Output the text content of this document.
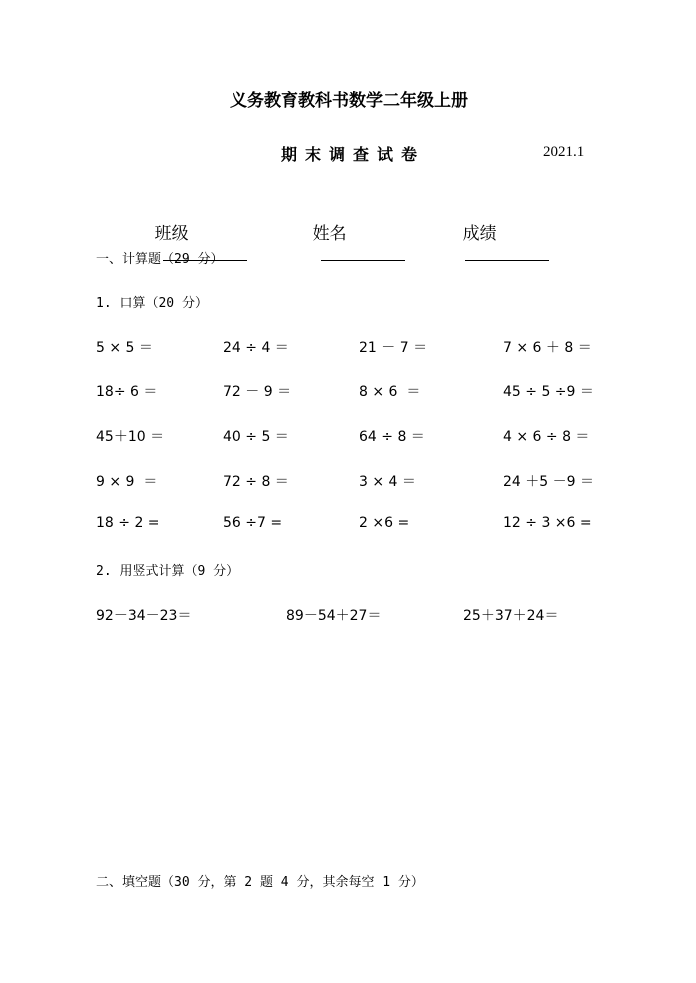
义务教育教科书数学二年级上册
期末调查试卷	2021.1

班级

	姓名

	成绩

一、计算题（29 分）
1. 口算（20 分）
5 × 5 ＝	24 ÷ 4 ＝	21 － 7 ＝	7 × 6 ＋ 8 ＝
18÷ 6 ＝	72 － 9 ＝	8 × 6  ＝	45 ÷ 5 ÷9 ＝
45＋10 ＝	40 ÷ 5 ＝	64 ÷ 8 ＝	4 × 6 ÷ 8 ＝
9 × 9  ＝	72 ÷ 8 ＝	3 × 4 ＝	24 ＋5 －9 ＝
18 ÷ 2 =	56 ÷7 =	2 ×6 =	12 ÷ 3 ×6 =
2. 用竖式计算（9 分）
92－34－23＝	89－54＋27＝	25＋37＋24＝
二、填空题（30 分，第 2 题 4 分，其余每空 1 分）
